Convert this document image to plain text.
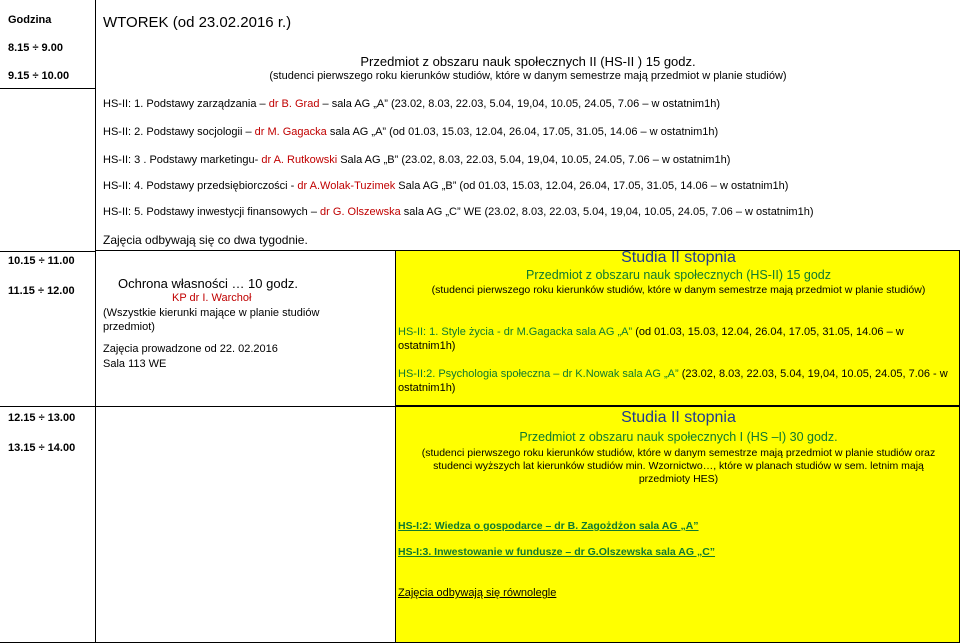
Godzina
8.15 ÷ 9.00
9.15 ÷ 10.00
10.15 ÷ 11.00
11.15 ÷ 12.00
12.15 ÷ 13.00
13.15 ÷ 14.00
WTOREK (od 23.02.2016 r.)
Przedmiot z obszaru nauk społecznych II (HS-II ) 15 godz.
(studenci pierwszego roku kierunków studiów, które w danym semestrze mają przedmiot w planie studiów)
HS-II: 1. Podstawy zarządzania – dr B. Grad – sala AG „A” (23.02, 8.03, 22.03, 5.04, 19,04, 10.05, 24.05, 7.06 – w ostatnim1h)
HS-II: 2. Podstawy socjologii – dr M. Gagacka sala AG „A” (od 01.03, 15.03, 12.04, 26.04, 17.05, 31.05, 14.06 – w ostatnim1h)
HS-II: 3 . Podstawy marketingu- dr A. Rutkowski Sala AG „B” (23.02, 8.03, 22.03, 5.04, 19,04, 10.05, 24.05, 7.06 – w ostatnim1h)
HS-II: 4. Podstawy przedsiębiorczości - dr A.Wolak-Tuzimek Sala AG „B” (od 01.03, 15.03, 12.04, 26.04, 17.05, 31.05, 14.06 – w ostatnim1h)
HS-II: 5. Podstawy inwestycji finansowych – dr G. Olszewska sala AG „C” WE (23.02, 8.03, 22.03, 5.04, 19,04, 10.05, 24.05, 7.06 – w ostatnim1h)
Zajęcia odbywają się co dwa tygodnie.
Ochrona własności … 10 godz.
KP dr I. Warchoł
(Wszystkie kierunki mające w planie studiów przedmiot)
Zajęcia prowadzone od 22. 02.2016
Sala 113 WE
Studia II stopnia
Przedmiot z obszaru nauk społecznych (HS-II) 15 godz
(studenci pierwszego roku kierunków studiów, które w danym semestrze mają przedmiot w planie studiów)
HS-II: 1. Style życia - dr M.Gagacka sala AG „A” (od 01.03, 15.03, 12.04, 26.04, 17.05, 31.05, 14.06 – w ostatnim1h)
HS-II:2. Psychologia społeczna – dr K.Nowak sala AG „A” (23.02, 8.03, 22.03, 5.04, 19,04, 10.05, 24.05, 7.06 - w ostatnim1h)
Studia II stopnia
Przedmiot z obszaru nauk społecznych I (HS –I) 30 godz.
(studenci pierwszego roku kierunków studiów, które w danym semestrze mają przedmiot w planie studiów oraz studenci wyższych lat kierunków studiów min. Wzornictwo…, które w planach studiów w sem. letnim mają przedmioty HES)
HS-I:2: Wiedza o gospodarce – dr B. Zagożdżon sala AG „A”
HS-I:3. Inwestowanie w fundusze – dr G.Olszewska sala AG „C”
Zajęcia odbywają się równolegle
